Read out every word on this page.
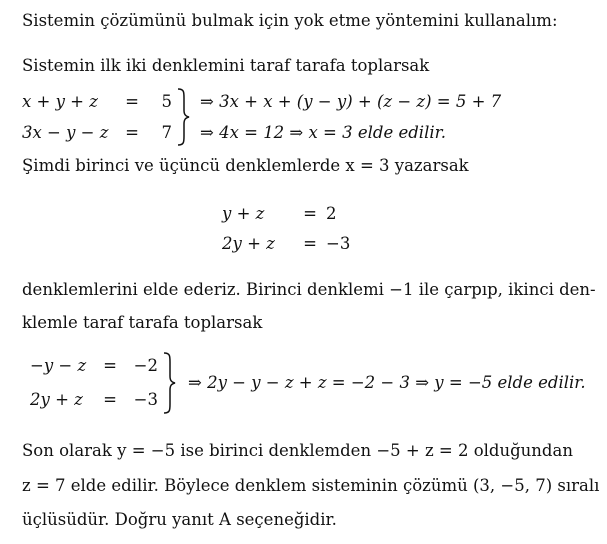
Sistemin çözümünü bulmak için yok etme yöntemini kullanalım:
Sistemin ilk iki denklemini taraf tarafa toplarsak
x + y + z =	5
3x − y − z =	7
⇒ 3x + x + (y − y) + (z − z) = 5 + 7
⇒ 4x = 12 ⇒ x = 3 elde edilir.
Şimdi birinci ve üçüncü denklemlerde x = 3 yazarsak
y + z	= 2
2y + z	= −3
denklemlerini elde ederiz. Birinci denklemi −1 ile çarpıp, ikinci den-
klemle taraf tarafa toplarsak
−y − z	=	−2
2y + z	=	−3
⇒ 2y − y − z + z = −2 − 3 ⇒ y = −5 elde edilir.
Son olarak y = −5 ise birinci denklemden −5 + z = 2 olduğundan
z = 7 elde edilir. Böylece denklem sisteminin çözümü (3, −5, 7) sıralı
üçlüsüdür. Doğru yanıt A seçeneğidir.
